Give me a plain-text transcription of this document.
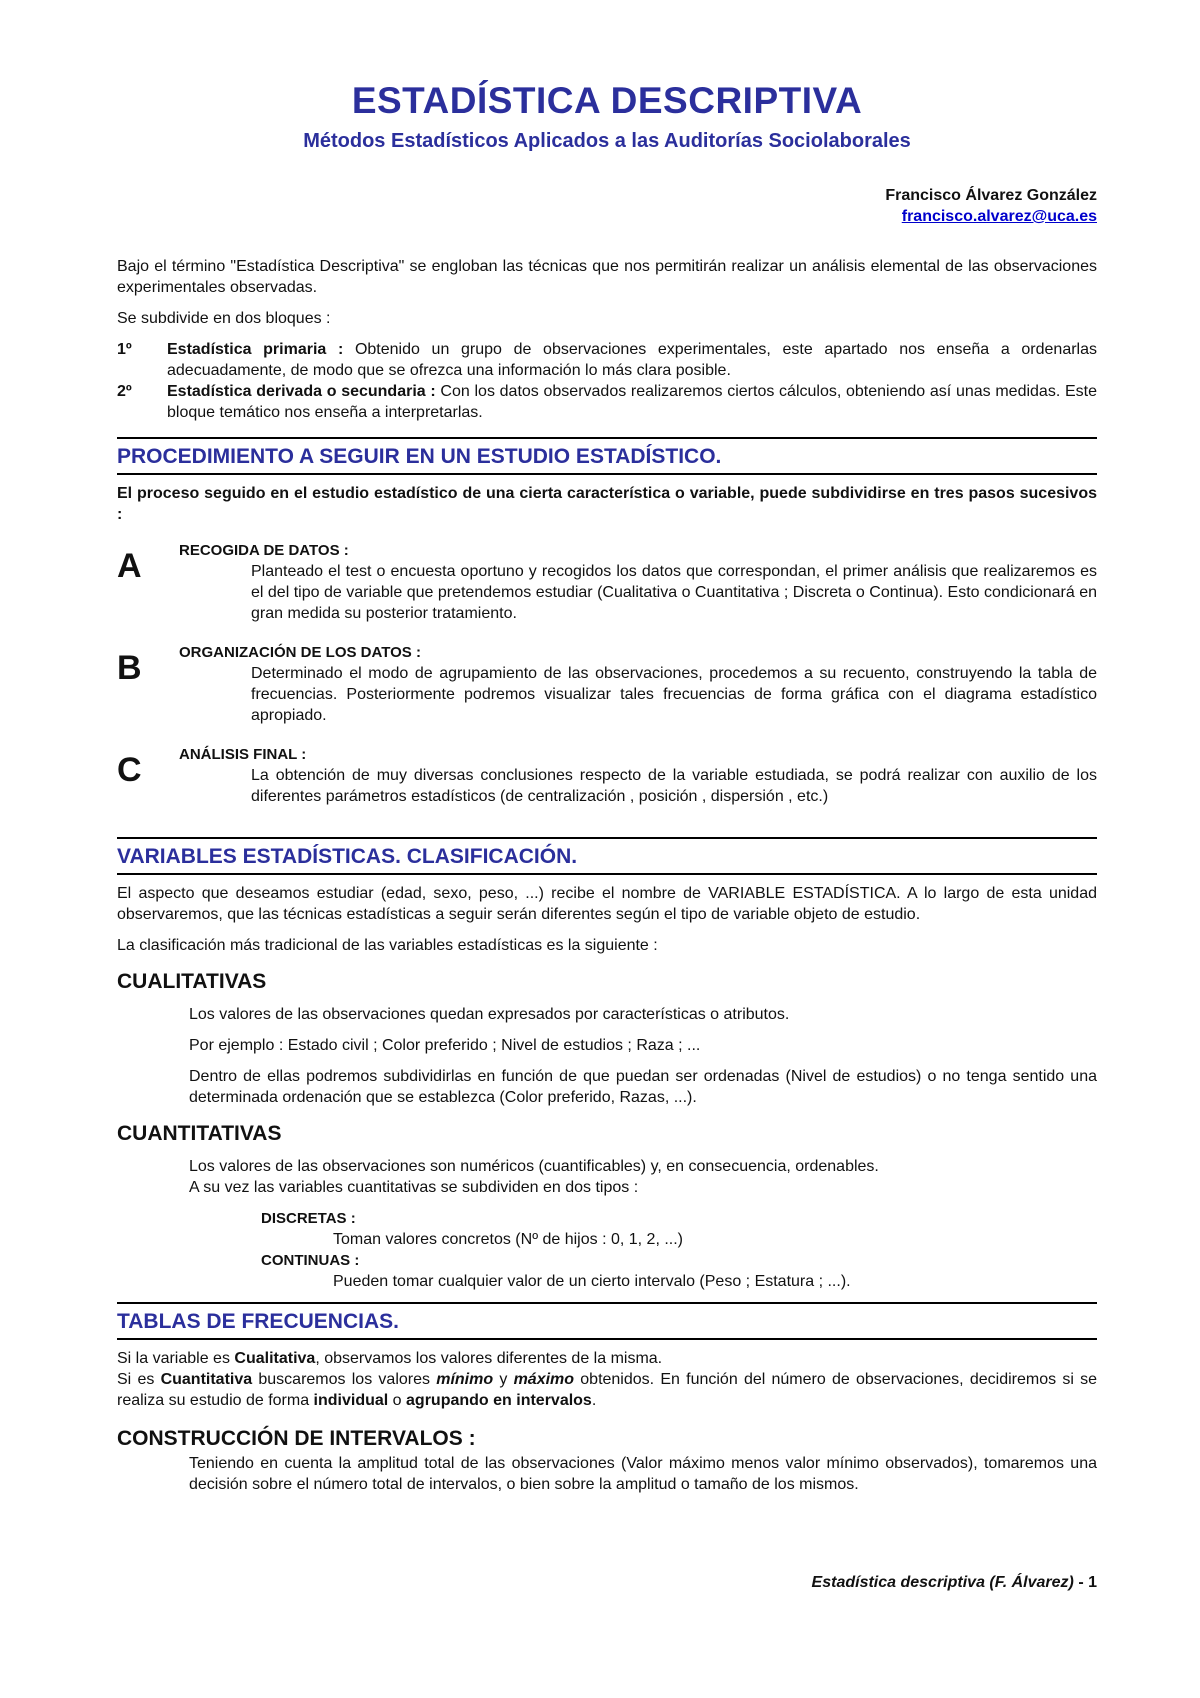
ESTADÍSTICA DESCRIPTIVA
Métodos Estadísticos Aplicados a las Auditorías Sociolaborales
Francisco Álvarez González
francisco.alvarez@uca.es

Bajo el término "Estadística Descriptiva" se engloban las técnicas que nos permitirán realizar un análisis elemental de las observaciones experimentales observadas.

Se subdivide en dos bloques :

1º	Estadística primaria : Obtenido un grupo de observaciones experimentales, este apartado nos enseña a ordenarlas adecuadamente, de modo que se ofrezca una información lo más clara posible.
2º	Estadística derivada o secundaria : Con los datos observados realizaremos ciertos cálculos, obteniendo así unas medidas. Este bloque temático nos enseña a interpretarlas.
PROCEDIMIENTO A SEGUIR EN UN ESTUDIO ESTADÍSTICO.

El proceso seguido en el estudio estadístico de una cierta característica o variable, puede subdividirse en tres pasos sucesivos :

A	RECOGIDA DE DATOS :
Planteado el test o encuesta oportuno y recogidos los datos que correspondan, el primer análisis que realizaremos es el del tipo de variable que pretendemos estudiar (Cualitativa o Cuantitativa ; Discreta o Continua). Esto condicionará en gran medida su posterior tratamiento.
B	ORGANIZACIÓN DE LOS DATOS :
Determinado el modo de agrupamiento de las observaciones, procedemos a su recuento, construyendo la tabla de frecuencias. Posteriormente podremos visualizar tales frecuencias de forma gráfica con el diagrama estadístico apropiado.
C	ANÁLISIS FINAL :
La obtención de muy diversas conclusiones respecto de la variable estudiada, se podrá realizar con auxilio de los diferentes parámetros estadísticos (de centralización , posición , dispersión , etc.)
VARIABLES ESTADÍSTICAS. CLASIFICACIÓN.

El aspecto que deseamos estudiar (edad, sexo, peso, ...) recibe el nombre de VARIABLE ESTADÍSTICA. A lo largo de esta unidad observaremos, que las técnicas estadísticas a seguir serán diferentes según el tipo de variable objeto de estudio.

La clasificación más tradicional de las variables estadísticas es la siguiente :

CUALITATIVAS

Los valores de las observaciones quedan expresados por características o atributos.

Por ejemplo : Estado civil ; Color preferido ; Nivel de estudios ; Raza ; ...

Dentro de ellas podremos subdividirlas en función de que puedan ser ordenadas (Nivel de estudios) o no tenga sentido una determinada ordenación que se establezca (Color preferido, Razas, ...).

CUANTITATIVAS

Los valores de las observaciones son numéricos (cuantificables) y, en consecuencia, ordenables.

A su vez las variables cuantitativas se subdividen en dos tipos :

DISCRETAS :

Toman valores concretos (Nº de hijos : 0, 1, 2, ...)

CONTINUAS :

Pueden tomar cualquier valor de un cierto intervalo (Peso ; Estatura ; ...).

TABLAS DE FRECUENCIAS.

Si la variable es Cualitativa, observamos los valores diferentes de la misma.

Si es Cuantitativa buscaremos los valores mínimo y máximo obtenidos. En función del número de observaciones, decidiremos si se realiza su estudio de forma individual o agrupando en intervalos.

CONSTRUCCIÓN DE INTERVALOS :

Teniendo en cuenta la amplitud total de las observaciones (Valor máximo menos valor mínimo observados), tomaremos una decisión sobre el número total de intervalos, o bien sobre la amplitud o tamaño de los mismos.

Estadística descriptiva (F. Álvarez) - 1
